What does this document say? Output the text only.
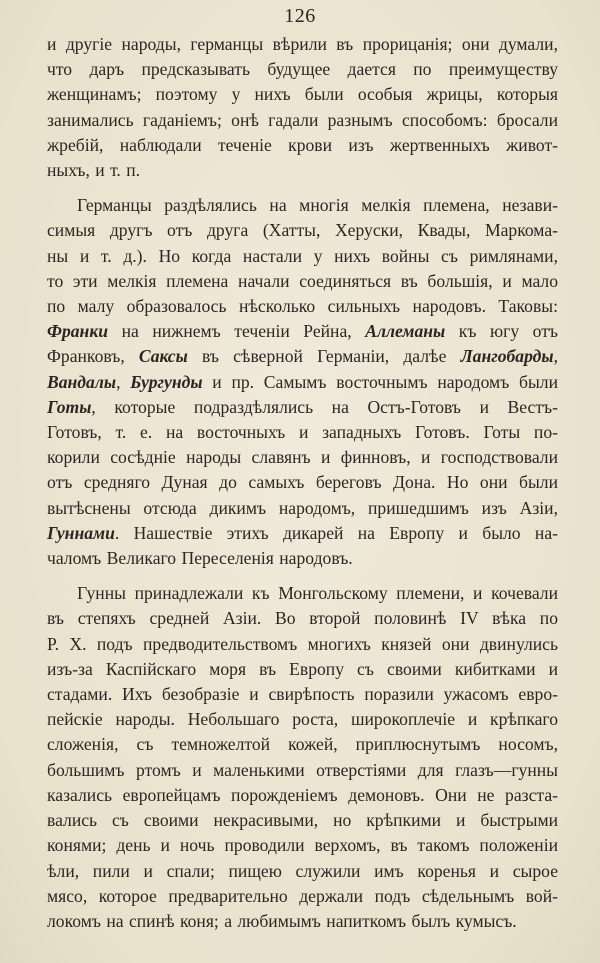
126
и другіе народы, германцы вѣрили въ прорицанія; они думали,
что даръ предсказывать будущее дается по преимуществу
женщинамъ; поэтому у нихъ были особыя жрицы, которыя
занимались гаданіемъ; онѣ гадали разнымъ способомъ: бросали
жребій, наблюдали теченіе крови изъ жертвенныхъ живот-
ныхъ, и т. п.
Германцы раздѣлялись на многія мелкія племена, незави-
симыя другъ отъ друга (Хатты, Херуски, Квады, Маркома-
ны и т. д.). Но когда настали у нихъ войны съ римлянами,
то эти мелкія племена начали соединяться въ большія, и мало
по малу образовалось нѣсколько сильныхъ народовъ. Таковы:
Франки на нижнемъ теченіи Рейна, Аллеманы къ югу отъ
Франковъ, Саксы въ сѣверной Германіи, далѣе Лангобарды,
Вандалы, Бургунды и пр. Самымъ восточнымъ народомъ были
Готы, которые подраздѣлялись на Остъ-Готовъ и Вестъ-
Готовъ, т. е. на восточныхъ и западныхъ Готовъ. Готы по-
корили сосѣдніе народы славянъ и финновъ, и господствовали
отъ средняго Дуная до самыхъ береговъ Дона. Но они были
вытѣснены отсюда дикимъ народомъ, пришедшимъ изъ Азіи,
Гуннами. Нашествіе этихъ дикарей на Европу и было на-
чаломъ Великаго Переселенія народовъ.
Гунны принадлежали къ Монгольскому племени, и кочевали
въ степяхъ средней Азіи. Во второй половинѣ IV вѣка по
Р. Х. подъ предводительствомъ многихъ князей они двинулись
изъ-за Каспійскаго моря въ Европу съ своими кибитками и
стадами. Ихъ безобразіе и свирѣпость поразили ужасомъ евро-
пейскіе народы. Небольшаго роста, широкоплечіе и крѣпкаго
сложенія, съ темножелтой кожей, приплюснутымъ носомъ,
большимъ ртомъ и маленькими отверстіями для глазъ—гунны
казались европейцамъ порожденіемъ демоновъ. Они не разста-
вались съ своими некрасивыми, но крѣпкими и быстрыми
конями; день и ночь проводили верхомъ, въ такомъ положеніи
ѣли, пили и спали; пищею служили имъ коренья и сырое
мясо, которое предварительно держали подъ сѣдельнымъ вой-
локомъ на спинѣ коня; а любимымъ напиткомъ былъ кумысъ.
